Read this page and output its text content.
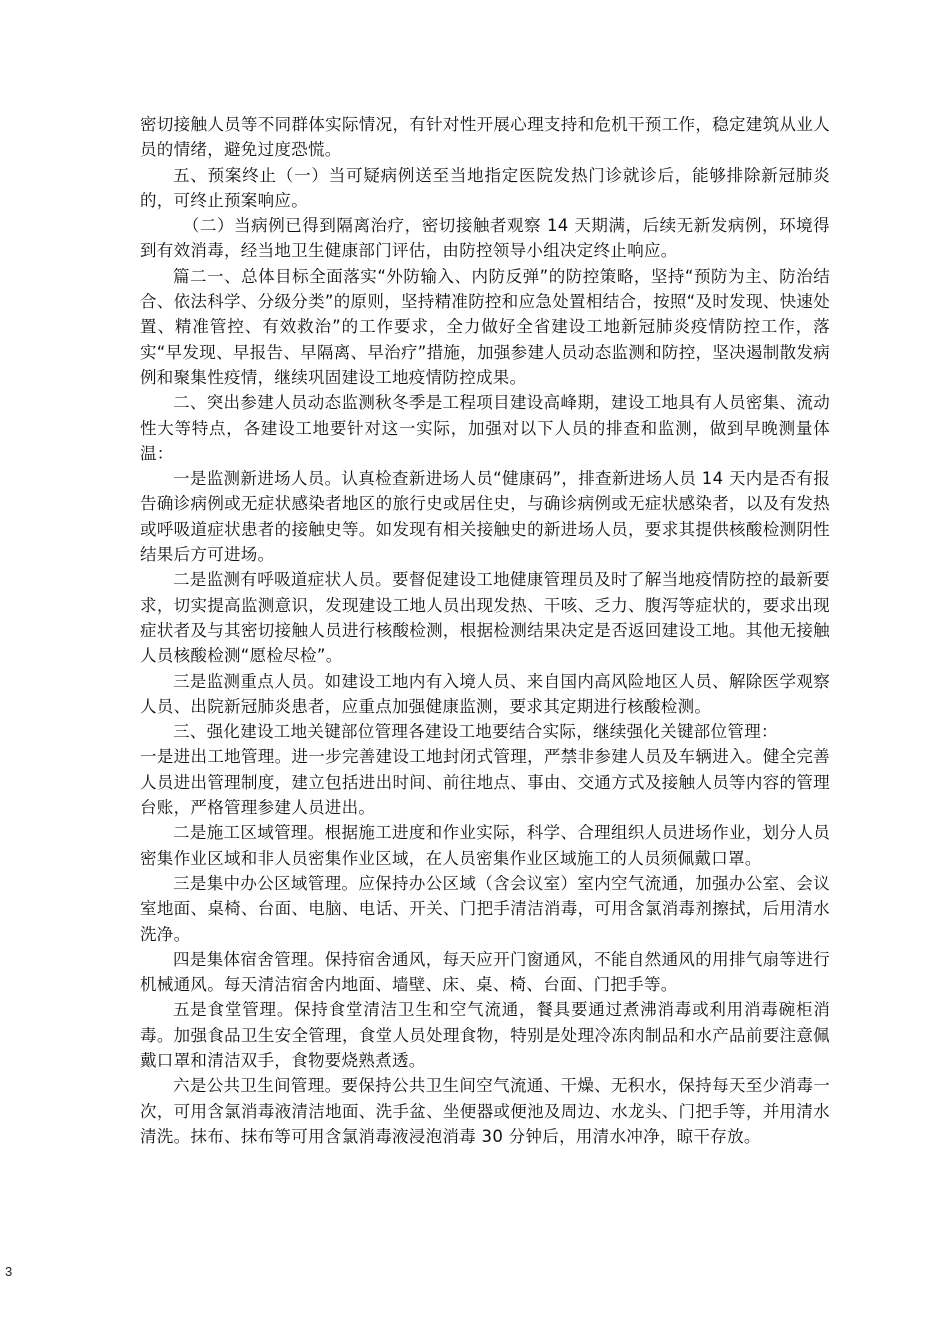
密切接触人员等不同群体实际情况，有针对性开展心理支持和危机干预工作，稳定建筑从业人员的情绪，避免过度恐慌。

五、预案终止（一）当可疑病例送至当地指定医院发热门诊就诊后，能够排除新冠肺炎的，可终止预案响应。

（二）当病例已得到隔离治疗，密切接触者观察 14 天期满，后续无新发病例，环境得到有效消毒，经当地卫生健康部门评估，由防控领导小组决定终止响应。

篇二一、总体目标全面落实“外防输入、内防反弹”的防控策略，坚持“预防为主、防治结合、依法科学、分级分类”的原则，坚持精准防控和应急处置相结合，按照“及时发现、快速处置、精准管控、有效救治”的工作要求，全力做好全省建设工地新冠肺炎疫情防控工作，落实“早发现、早报告、早隔离、早治疗”措施，加强参建人员动态监测和防控，坚决遏制散发病例和聚集性疫情，继续巩固建设工地疫情防控成果。

二、突出参建人员动态监测秋冬季是工程项目建设高峰期，建设工地具有人员密集、流动性大等特点，各建设工地要针对这一实际，加强对以下人员的排查和监测，做到早晚测量体温：

一是监测新进场人员。认真检查新进场人员“健康码”，排查新进场人员 14 天内是否有报告确诊病例或无症状感染者地区的旅行史或居住史，与确诊病例或无症状感染者，以及有发热或呼吸道症状患者的接触史等。如发现有相关接触史的新进场人员，要求其提供核酸检测阴性结果后方可进场。

二是监测有呼吸道症状人员。要督促建设工地健康管理员及时了解当地疫情防控的最新要求，切实提高监测意识，发现建设工地人员出现发热、干咳、乏力、腹泻等症状的，要求出现症状者及与其密切接触人员进行核酸检测，根据检测结果决定是否返回建设工地。其他无接触人员核酸检测“愿检尽检”。

三是监测重点人员。如建设工地内有入境人员、来自国内高风险地区人员、解除医学观察人员、出院新冠肺炎患者，应重点加强健康监测，要求其定期进行核酸检测。

三、强化建设工地关键部位管理各建设工地要结合实际，继续强化关键部位管理：

一是进出工地管理。进一步完善建设工地封闭式管理，严禁非参建人员及车辆进入。健全完善人员进出管理制度，建立包括进出时间、前往地点、事由、交通方式及接触人员等内容的管理台账，严格管理参建人员进出。

二是施工区域管理。根据施工进度和作业实际，科学、合理组织人员进场作业，划分人员密集作业区域和非人员密集作业区域，在人员密集作业区域施工的人员须佩戴口罩。

三是集中办公区域管理。应保持办公区域（含会议室）室内空气流通，加强办公室、会议室地面、桌椅、台面、电脑、电话、开关、门把手清洁消毒，可用含氯消毒剂擦拭，后用清水洗净。

四是集体宿舍管理。保持宿舍通风，每天应开门窗通风，不能自然通风的用排气扇等进行机械通风。每天清洁宿舍内地面、墙壁、床、桌、椅、台面、门把手等。

五是食堂管理。保持食堂清洁卫生和空气流通，餐具要通过煮沸消毒或利用消毒碗柜消毒。加强食品卫生安全管理，食堂人员处理食物，特别是处理冷冻肉制品和水产品前要注意佩戴口罩和清洁双手，食物要烧熟煮透。

六是公共卫生间管理。要保持公共卫生间空气流通、干燥、无积水，保持每天至少消毒一次，可用含氯消毒液清洁地面、洗手盆、坐便器或便池及周边、水龙头、门把手等，并用清水清洗。抹布、抹布等可用含氯消毒液浸泡消毒 30 分钟后，用清水冲净，晾干存放。

3
